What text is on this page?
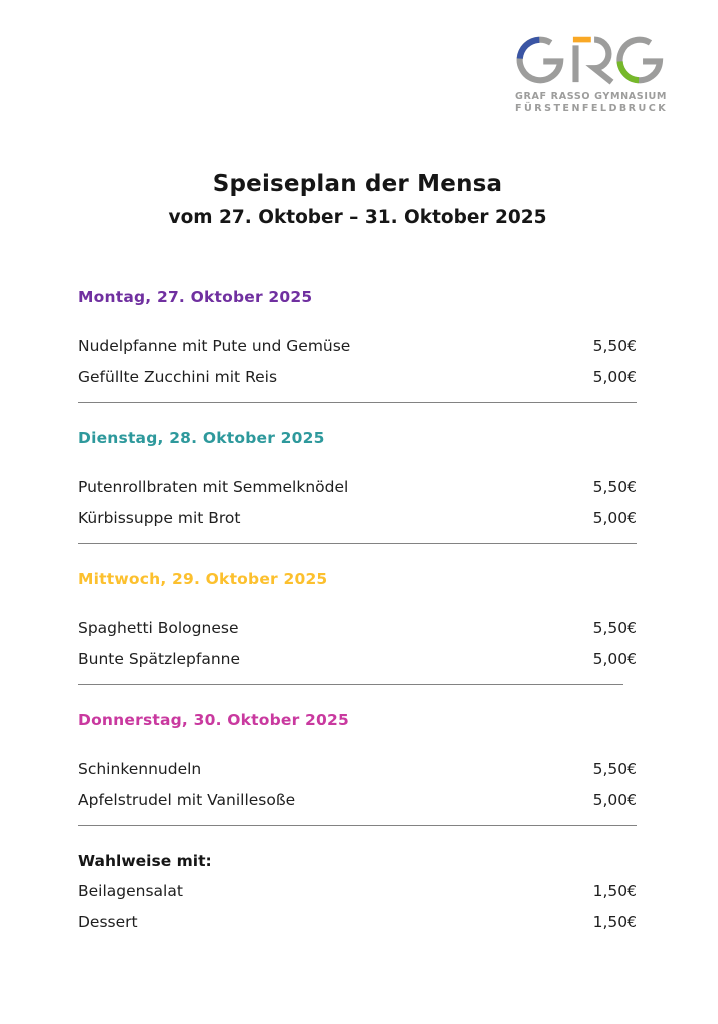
GRAF RASSO GYMNASIUM
FÜRSTENFELDBRUCK
Speiseplan der Mensa
vom 27. Oktober – 31. Oktober 2025
Montag, 27. Oktober 2025
Nudelpfanne mit Pute und Gemüse	5,50€
Gefüllte Zucchini mit Reis	5,00€
Dienstag, 28. Oktober 2025
Putenrollbraten mit Semmelknödel	5,50€
Kürbissuppe mit Brot	5,00€
Mittwoch, 29. Oktober 2025
Spaghetti Bolognese	5,50€
Bunte Spätzlepfanne	5,00€
Donnerstag, 30. Oktober 2025
Schinkennudeln	5,50€
Apfelstrudel mit Vanillesoße	5,00€
Wahlweise mit:
Beilagensalat	1,50€
Dessert	1,50€
